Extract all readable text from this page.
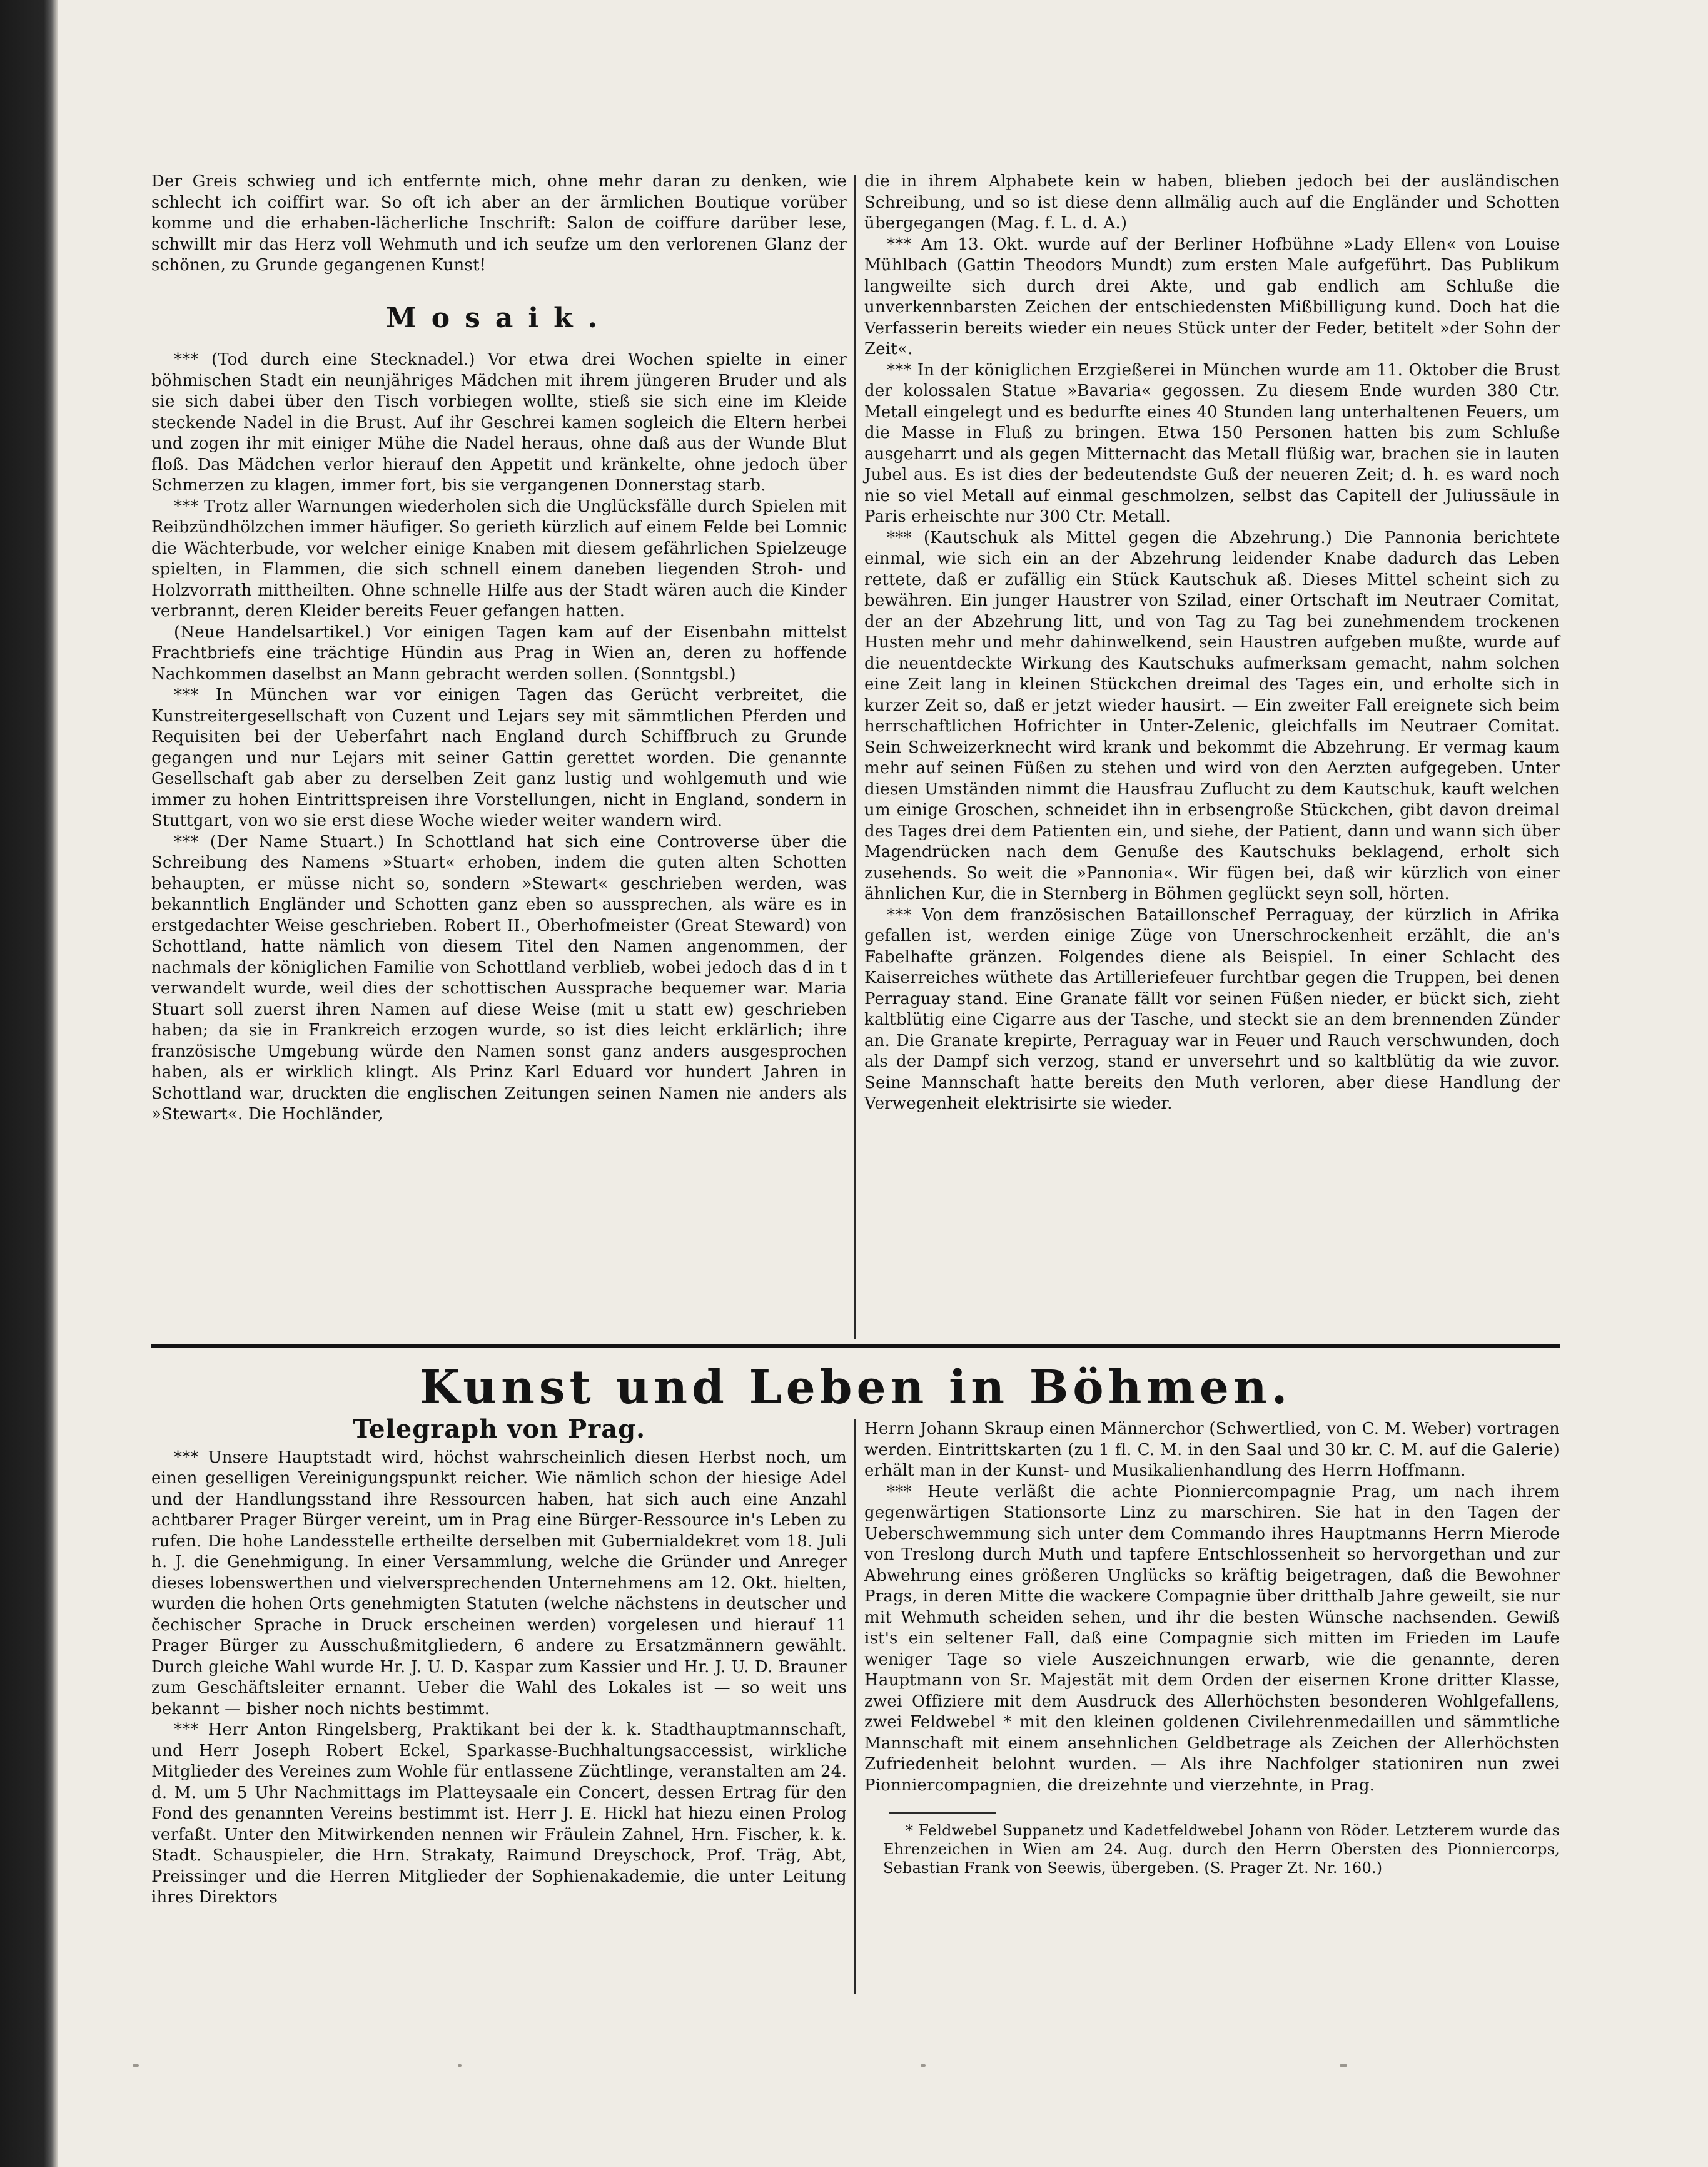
Der Greis schwieg und ich entfernte mich, ohne mehr daran zu denken, wie schlecht ich coiffirt war. So oft ich aber an der ärmlichen Boutique vorüber komme und die erhaben-lächerliche Inschrift: Salon de coiffure darüber lese, schwillt mir das Herz voll Wehmuth und ich seufze um den verlorenen Glanz der schönen, zu Grunde gegangenen Kunst!

Mosaik.

*** (Tod durch eine Stecknadel.) Vor etwa drei Wochen spielte in einer böhmischen Stadt ein neunjähriges Mädchen mit ihrem jüngeren Bruder und als sie sich dabei über den Tisch vorbiegen wollte, stieß sie sich eine im Kleide steckende Nadel in die Brust. Auf ihr Geschrei kamen sogleich die Eltern herbei und zogen ihr mit einiger Mühe die Nadel heraus, ohne daß aus der Wunde Blut floß. Das Mädchen verlor hierauf den Appetit und kränkelte, ohne jedoch über Schmerzen zu klagen, immer fort, bis sie vergangenen Donnerstag starb.

*** Trotz aller Warnungen wiederholen sich die Unglücksfälle durch Spielen mit Reibzündhölzchen immer häufiger. So gerieth kürzlich auf einem Felde bei Lomnic die Wächterbude, vor welcher einige Knaben mit diesem gefährlichen Spielzeuge spielten, in Flammen, die sich schnell einem daneben liegenden Stroh- und Holzvorrath mittheilten. Ohne schnelle Hilfe aus der Stadt wären auch die Kinder verbrannt, deren Kleider bereits Feuer gefangen hatten.

(Neue Handelsartikel.) Vor einigen Tagen kam auf der Eisenbahn mittelst Frachtbriefs eine trächtige Hündin aus Prag in Wien an, deren zu hoffende Nachkommen daselbst an Mann gebracht werden sollen. (Sonntgsbl.)

*** In München war vor einigen Tagen das Gerücht verbreitet, die Kunstreitergesellschaft von Cuzent und Lejars sey mit sämmtlichen Pferden und Requisiten bei der Ueberfahrt nach England durch Schiffbruch zu Grunde gegangen und nur Lejars mit seiner Gattin gerettet worden. Die genannte Gesellschaft gab aber zu derselben Zeit ganz lustig und wohlgemuth und wie immer zu hohen Eintrittspreisen ihre Vorstellungen, nicht in England, sondern in Stuttgart, von wo sie erst diese Woche wieder weiter wandern wird.

*** (Der Name Stuart.) In Schottland hat sich eine Controverse über die Schreibung des Namens »Stuart« erhoben, indem die guten alten Schotten behaupten, er müsse nicht so, sondern »Stewart« geschrieben werden, was bekanntlich Engländer und Schotten ganz eben so aussprechen, als wäre es in erstgedachter Weise geschrieben. Robert II., Oberhofmeister (Great Steward) von Schottland, hatte nämlich von diesem Titel den Namen angenommen, der nachmals der königlichen Familie von Schottland verblieb, wobei jedoch das d in t verwandelt wurde, weil dies der schottischen Aussprache bequemer war. Maria Stuart soll zuerst ihren Namen auf diese Weise (mit u statt ew) geschrieben haben; da sie in Frankreich erzogen wurde, so ist dies leicht erklärlich; ihre französische Umgebung würde den Namen sonst ganz anders ausgesprochen haben, als er wirklich klingt. Als Prinz Karl Eduard vor hundert Jahren in Schottland war, druckten die englischen Zeitungen seinen Namen nie anders als »Stewart«. Die Hochländer,

die in ihrem Alphabete kein w haben, blieben jedoch bei der ausländischen Schreibung, und so ist diese denn allmälig auch auf die Engländer und Schotten übergegangen (Mag. f. L. d. A.)

*** Am 13. Okt. wurde auf der Berliner Hofbühne »Lady Ellen« von Louise Mühlbach (Gattin Theodors Mundt) zum ersten Male aufgeführt. Das Publikum langweilte sich durch drei Akte, und gab endlich am Schluße die unverkennbarsten Zeichen der entschiedensten Mißbilligung kund. Doch hat die Verfasserin bereits wieder ein neues Stück unter der Feder, betitelt »der Sohn der Zeit«.

*** In der königlichen Erzgießerei in München wurde am 11. Oktober die Brust der kolossalen Statue »Bavaria« gegossen. Zu diesem Ende wurden 380 Ctr. Metall eingelegt und es bedurfte eines 40 Stunden lang unterhaltenen Feuers, um die Masse in Fluß zu bringen. Etwa 150 Personen hatten bis zum Schluße ausgeharrt und als gegen Mitternacht das Metall flüßig war, brachen sie in lauten Jubel aus. Es ist dies der bedeutendste Guß der neueren Zeit; d. h. es ward noch nie so viel Metall auf einmal geschmolzen, selbst das Capitell der Juliussäule in Paris erheischte nur 300 Ctr. Metall.

*** (Kautschuk als Mittel gegen die Abzehrung.) Die Pannonia berichtete einmal, wie sich ein an der Abzehrung leidender Knabe dadurch das Leben rettete, daß er zufällig ein Stück Kautschuk aß. Dieses Mittel scheint sich zu bewähren. Ein junger Haustrer von Szilad, einer Ortschaft im Neutraer Comitat, der an der Abzehrung litt, und von Tag zu Tag bei zunehmendem trockenen Husten mehr und mehr dahinwelkend, sein Haustren aufgeben mußte, wurde auf die neuentdeckte Wirkung des Kautschuks aufmerksam gemacht, nahm solchen eine Zeit lang in kleinen Stückchen dreimal des Tages ein, und erholte sich in kurzer Zeit so, daß er jetzt wieder hausirt. — Ein zweiter Fall ereignete sich beim herrschaftlichen Hofrichter in Unter-Zelenic, gleichfalls im Neutraer Comitat. Sein Schweizerknecht wird krank und bekommt die Abzehrung. Er vermag kaum mehr auf seinen Füßen zu stehen und wird von den Aerzten aufgegeben. Unter diesen Umständen nimmt die Hausfrau Zuflucht zu dem Kautschuk, kauft welchen um einige Groschen, schneidet ihn in erbsengroße Stückchen, gibt davon dreimal des Tages drei dem Patienten ein, und siehe, der Patient, dann und wann sich über Magendrücken nach dem Genuße des Kautschuks beklagend, erholt sich zusehends. So weit die »Pannonia«. Wir fügen bei, daß wir kürzlich von einer ähnlichen Kur, die in Sternberg in Böhmen geglückt seyn soll, hörten.

*** Von dem französischen Bataillonschef Perraguay, der kürzlich in Afrika gefallen ist, werden einige Züge von Unerschrockenheit erzählt, die an's Fabelhafte gränzen. Folgendes diene als Beispiel. In einer Schlacht des Kaiserreiches wüthete das Artilleriefeuer furchtbar gegen die Truppen, bei denen Perraguay stand. Eine Granate fällt vor seinen Füßen nieder, er bückt sich, zieht kaltblütig eine Cigarre aus der Tasche, und steckt sie an dem brennenden Zünder an. Die Granate krepirte, Perraguay war in Feuer und Rauch verschwunden, doch als der Dampf sich verzog, stand er unversehrt und so kaltblütig da wie zuvor. Seine Mannschaft hatte bereits den Muth verloren, aber diese Handlung der Verwegenheit elektrisirte sie wieder.

Kunst und Leben in Böhmen.
Telegraph von Prag.

*** Unsere Hauptstadt wird, höchst wahrscheinlich diesen Herbst noch, um einen geselligen Vereinigungspunkt reicher. Wie nämlich schon der hiesige Adel und der Handlungsstand ihre Ressourcen haben, hat sich auch eine Anzahl achtbarer Prager Bürger vereint, um in Prag eine Bürger-Ressource in's Leben zu rufen. Die hohe Landesstelle ertheilte derselben mit Gubernialdekret vom 18. Juli h. J. die Genehmigung. In einer Versammlung, welche die Gründer und Anreger dieses lobenswerthen und vielversprechenden Unternehmens am 12. Okt. hielten, wurden die hohen Orts genehmigten Statuten (welche nächstens in deutscher und čechischer Sprache in Druck erscheinen werden) vorgelesen und hierauf 11 Prager Bürger zu Ausschußmitgliedern, 6 andere zu Ersatzmännern gewählt. Durch gleiche Wahl wurde Hr. J. U. D. Kaspar zum Kassier und Hr. J. U. D. Brauner zum Geschäftsleiter ernannt. Ueber die Wahl des Lokales ist — so weit uns bekannt — bisher noch nichts bestimmt.

*** Herr Anton Ringelsberg, Praktikant bei der k. k. Stadthauptmannschaft, und Herr Joseph Robert Eckel, Sparkasse-Buchhaltungsaccessist, wirkliche Mitglieder des Vereines zum Wohle für entlassene Züchtlinge, veranstalten am 24. d. M. um 5 Uhr Nachmittags im Platteysaale ein Concert, dessen Ertrag für den Fond des genannten Vereins bestimmt ist. Herr J. E. Hickl hat hiezu einen Prolog verfaßt. Unter den Mitwirkenden nennen wir Fräulein Zahnel, Hrn. Fischer, k. k. Stadt. Schauspieler, die Hrn. Strakaty, Raimund Dreyschock, Prof. Träg, Abt, Preissinger und die Herren Mitglieder der Sophienakademie, die unter Leitung ihres Direktors

Herrn Johann Skraup einen Männerchor (Schwertlied, von C. M. Weber) vortragen werden. Eintrittskarten (zu 1 fl. C. M. in den Saal und 30 kr. C. M. auf die Galerie) erhält man in der Kunst- und Musikalienhandlung des Herrn Hoffmann.

*** Heute verläßt die achte Pionniercompagnie Prag, um nach ihrem gegenwärtigen Stationsorte Linz zu marschiren. Sie hat in den Tagen der Ueberschwemmung sich unter dem Commando ihres Hauptmanns Herrn Mierode von Treslong durch Muth und tapfere Entschlossenheit so hervorgethan und zur Abwehrung eines größeren Unglücks so kräftig beigetragen, daß die Bewohner Prags, in deren Mitte die wackere Compagnie über dritthalb Jahre geweilt, sie nur mit Wehmuth scheiden sehen, und ihr die besten Wünsche nachsenden. Gewiß ist's ein seltener Fall, daß eine Compagnie sich mitten im Frieden im Laufe weniger Tage so viele Auszeichnungen erwarb, wie die genannte, deren Hauptmann von Sr. Majestät mit dem Orden der eisernen Krone dritter Klasse, zwei Offiziere mit dem Ausdruck des Allerhöchsten besonderen Wohlgefallens, zwei Feldwebel * mit den kleinen goldenen Civilehrenmedaillen und sämmtliche Mannschaft mit einem ansehnlichen Geldbetrage als Zeichen der Allerhöchsten Zufriedenheit belohnt wurden. — Als ihre Nachfolger stationiren nun zwei Pionniercompagnien, die dreizehnte und vierzehnte, in Prag.

* Feldwebel Suppanetz und Kadetfeldwebel Johann von Röder. Letzterem wurde das Ehrenzeichen in Wien am 24. Aug. durch den Herrn Obersten des Pionniercorps, Sebastian Frank von Seewis, übergeben. (S. Prager Zt. Nr. 160.)
